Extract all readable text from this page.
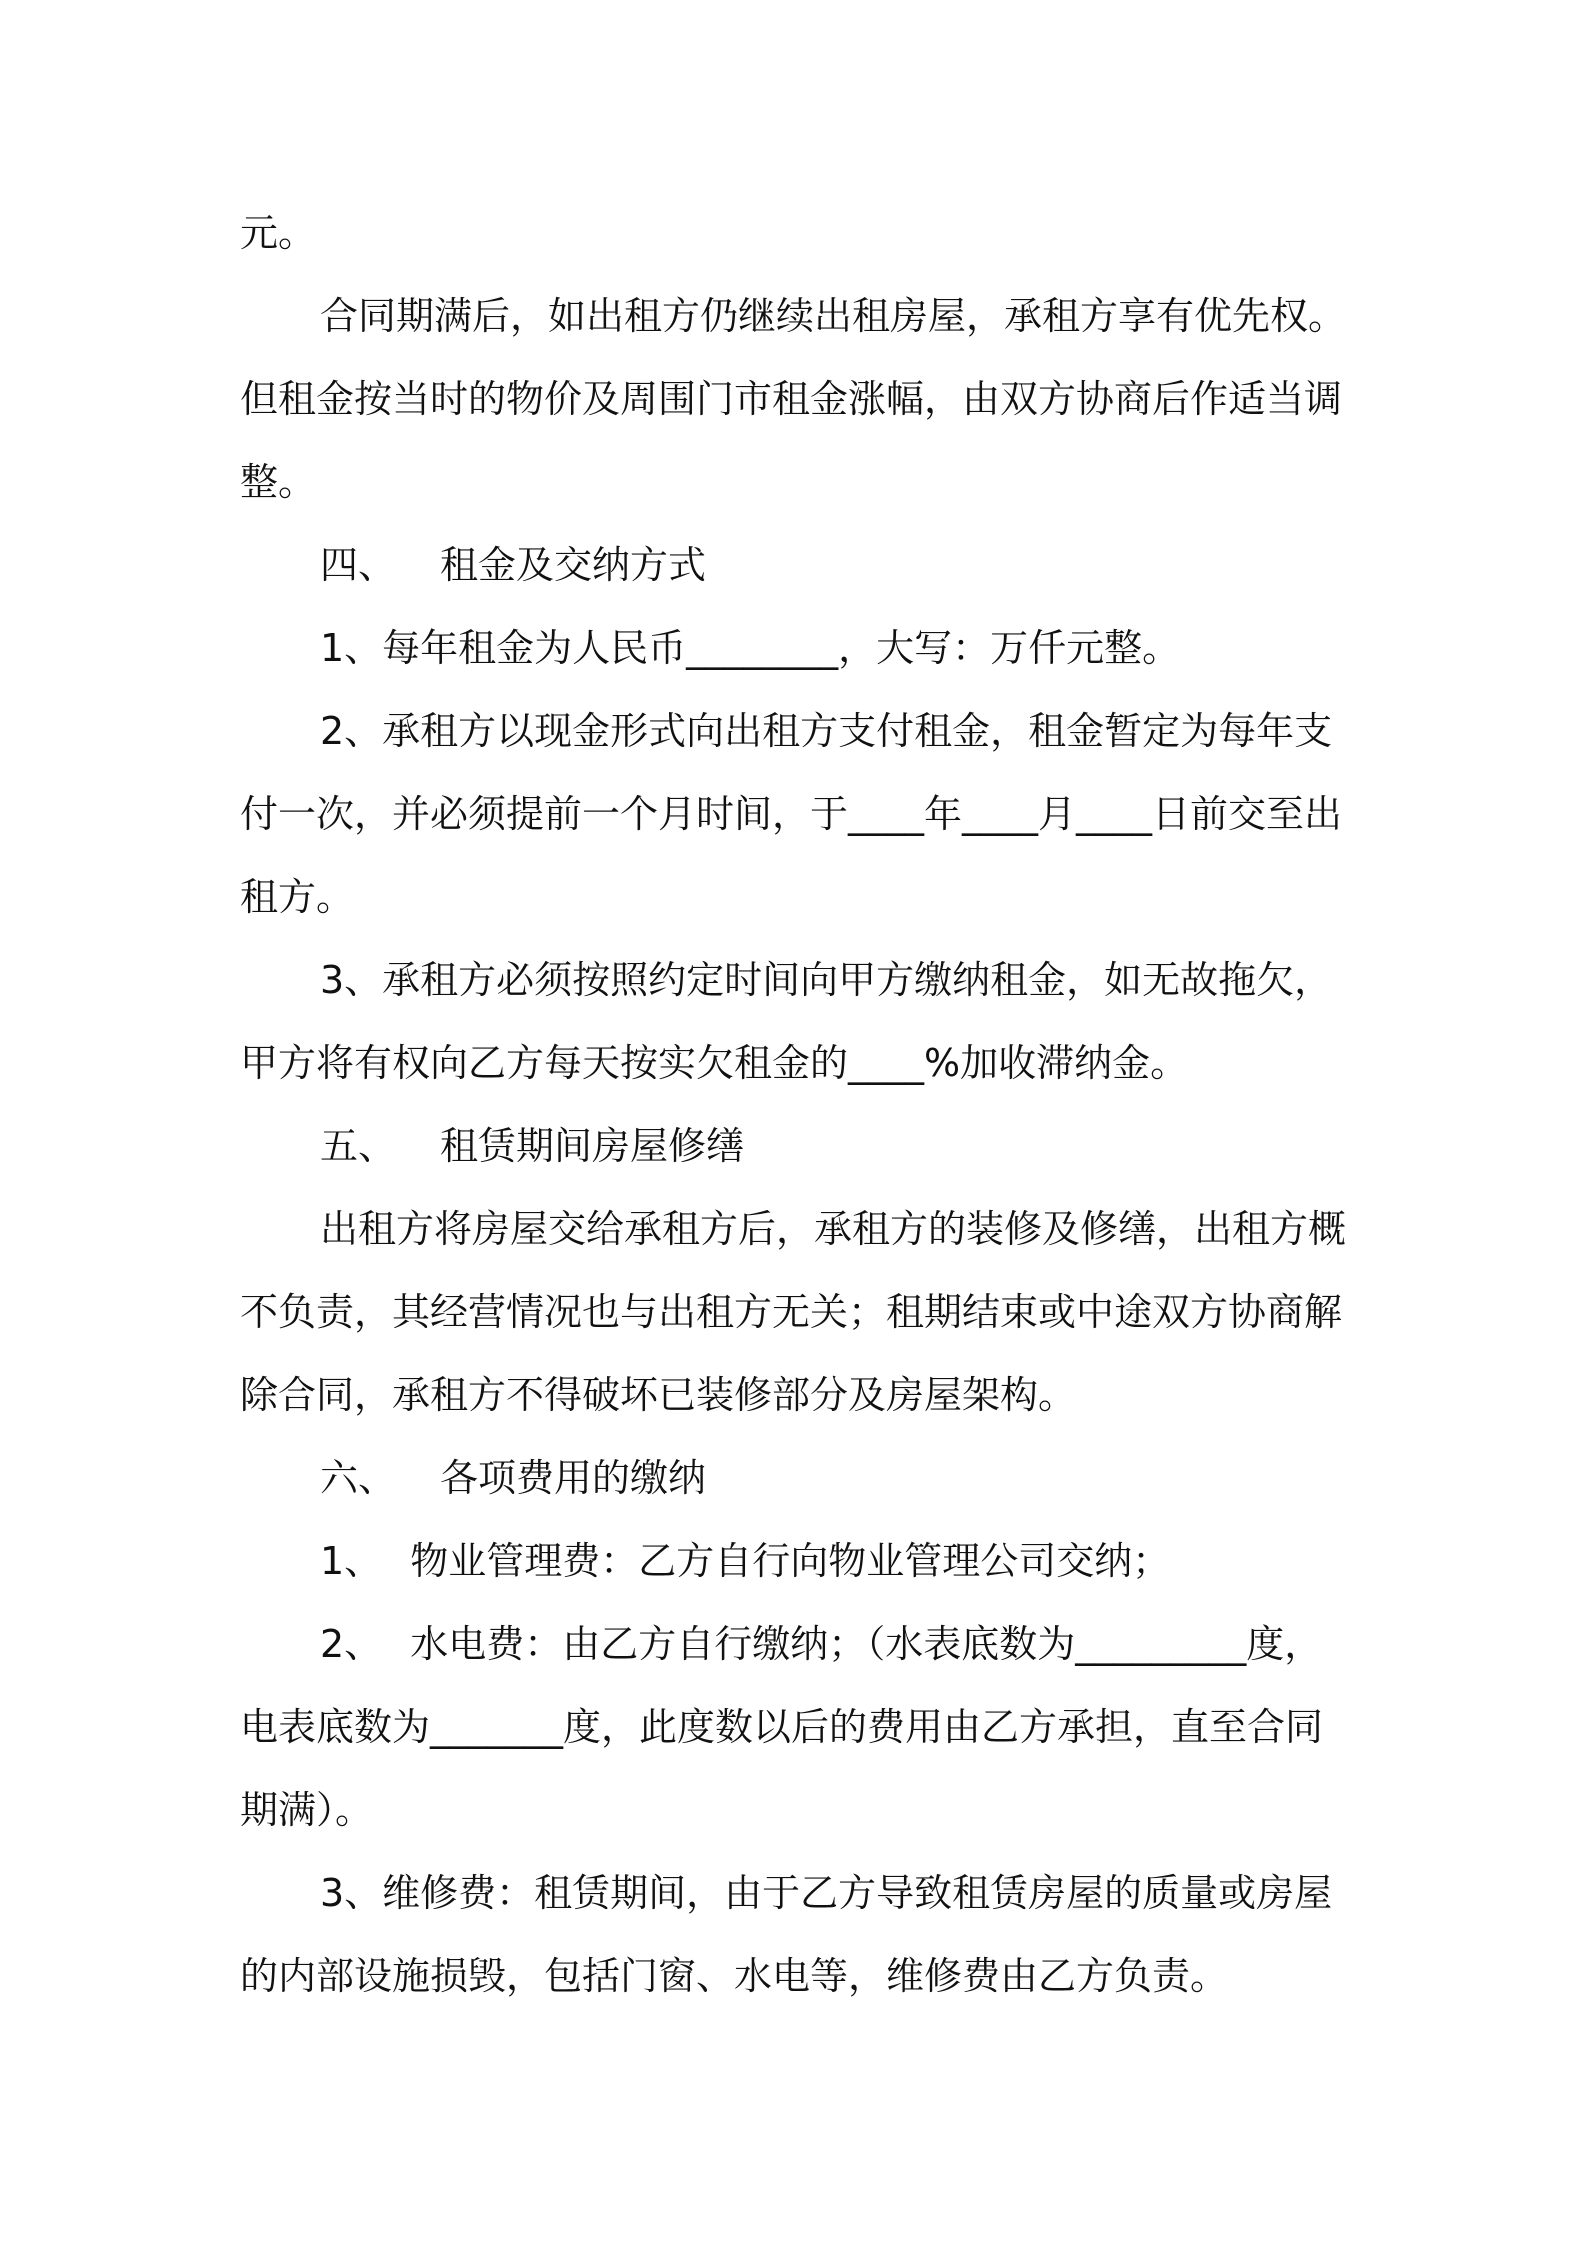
元。

合同期满后，如出租方仍继续出租房屋，承租方享有优先权。但租金按当时的物价及周围门市租金涨幅，由双方协商后作适当调整。

四、 租金及交纳方式

1、每年租金为人民币________，大写：万仟元整。

2、承租方以现金形式向出租方支付租金，租金暂定为每年支付一次，并必须提前一个月时间，于____年____月____日前交至出租方。

3、承租方必须按照约定时间向甲方缴纳租金，如无故拖欠，甲方将有权向乙方每天按实欠租金的____%加收滞纳金。

五、 租赁期间房屋修缮

出租方将房屋交给承租方后，承租方的装修及修缮，出租方概不负责，其经营情况也与出租方无关；租期结束或中途双方协商解除合同，承租方不得破坏已装修部分及房屋架构。

六、 各项费用的缴纳

1、 物业管理费：乙方自行向物业管理公司交纳；

2、 水电费：由乙方自行缴纳；（水表底数为_________度，电表底数为_______度，此度数以后的费用由乙方承担，直至合同期满）。

3、维修费：租赁期间，由于乙方导致租赁房屋的质量或房屋的内部设施损毁，包括门窗、水电等，维修费由乙方负责。
